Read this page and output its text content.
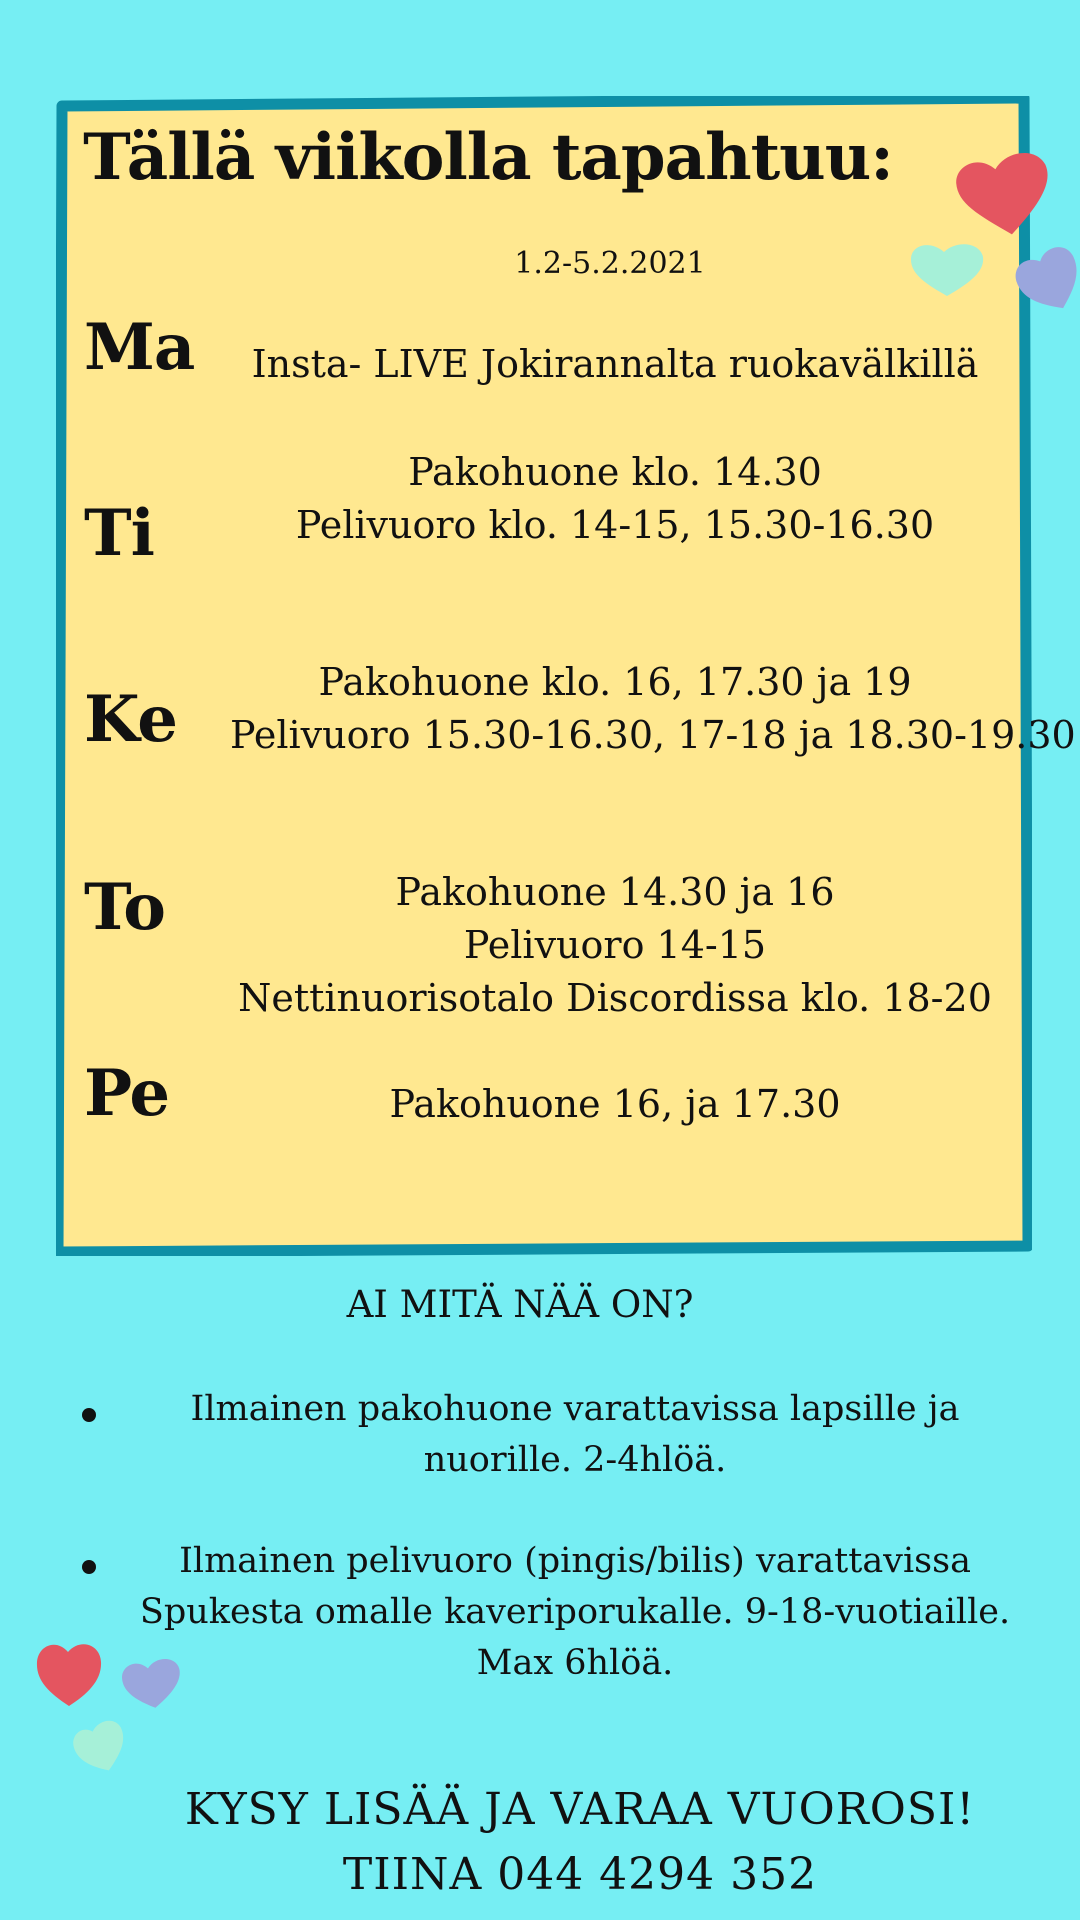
Tällä viikolla tapahtuu:
1.2-5.2.2021
Ma	Insta- LIVE Jokirannalta ruokavälkillä
Ti
Pakohuone klo. 14.30
Pelivuoro klo. 14-15, 15.30-16.30
Ke	Pakohuone klo. 16, 17.30 ja 19
Pelivuoro 15.30-16.30, 17-18 ja 18.30-19.30
To	Pakohuone 14.30 ja 16
Pelivuoro 14-15
Nettinuorisotalo Discordissa klo. 18-20
Pe	Pakohuone 16, ja 17.30
AI MITÄ NÄÄ ON?
Ilmainen pakohuone varattavissa lapsille ja
nuorille. 2-4hlöä.
Ilmainen pelivuoro (pingis/bilis) varattavissa
Spukesta omalle kaveriporukalle. 9-18-vuotiaille.
Max 6hlöä.
KYSY LISÄÄ JA VARAA VUOROSI!
TIINA 044 4294 352
